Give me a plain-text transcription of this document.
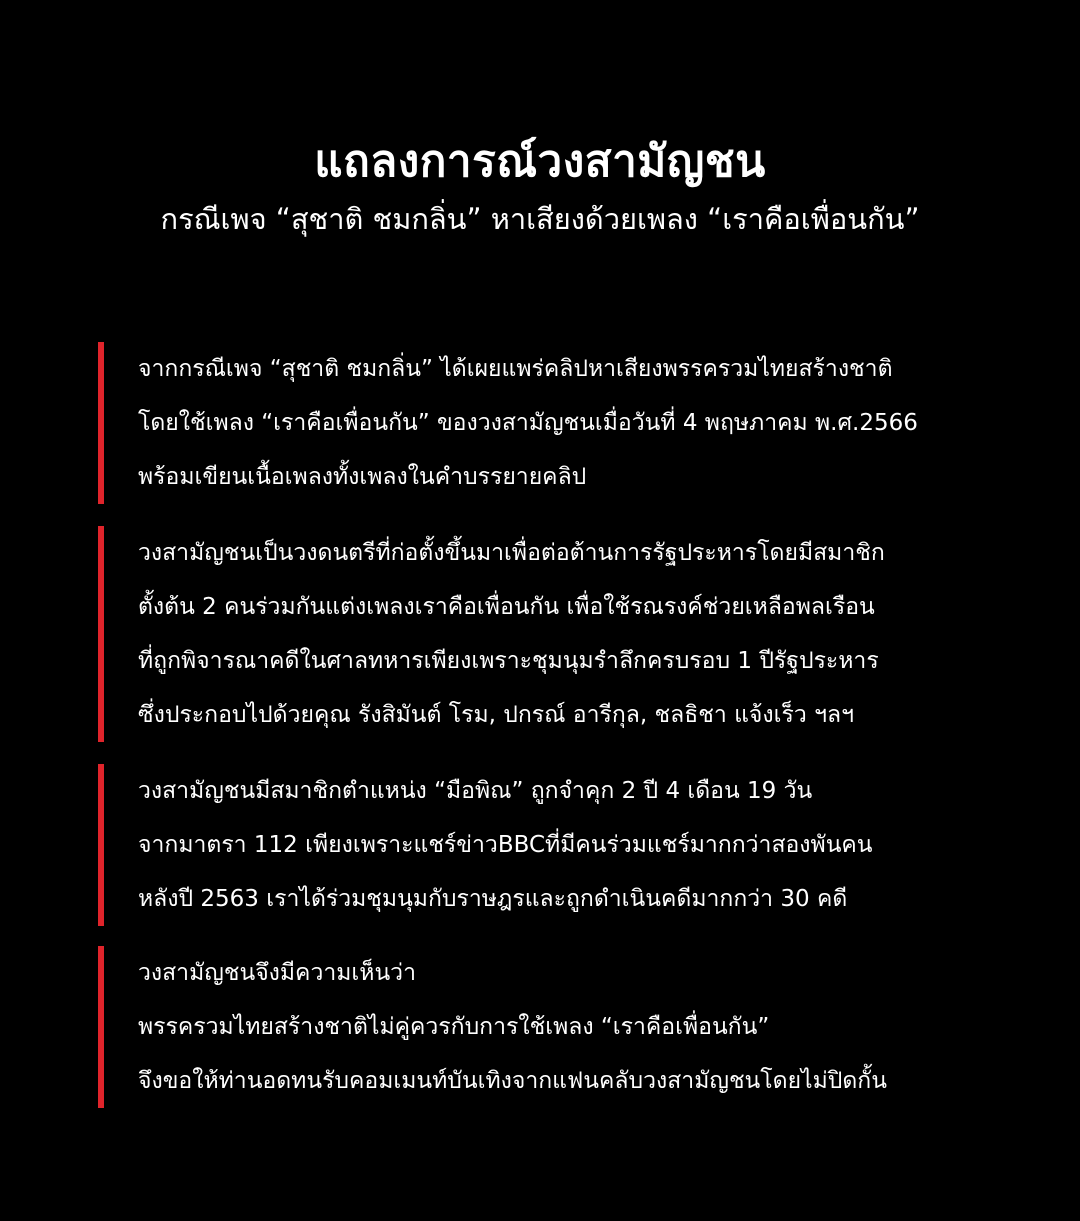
แถลงการณ์วงสามัญชน

กรณีเพจ “สุชาติ ชมกลิ่น” หาเสียงด้วยเพลง “เราคือเพื่อนกัน”

จากกรณีเพจ “สุชาติ ชมกลิ่น” ได้เผยแพร่คลิปหาเสียงพรรครวมไทยสร้างชาติ
โดยใช้เพลง “เราคือเพื่อนกัน” ของวงสามัญชนเมื่อวันที่ 4 พฤษภาคม พ.ศ.2566
พร้อมเขียนเนื้อเพลงทั้งเพลงในคำบรรยายคลิป
วงสามัญชนเป็นวงดนตรีที่ก่อตั้งขึ้นมาเพื่อต่อต้านการรัฐประหารโดยมีสมาชิก
ตั้งต้น 2 คนร่วมกันแต่งเพลงเราคือเพื่อนกัน เพื่อใช้รณรงค์ช่วยเหลือพลเรือน
ที่ถูกพิจารณาคดีในศาลทหารเพียงเพราะชุมนุมรำลึกครบรอบ 1 ปีรัฐประหาร
ซึ่งประกอบไปด้วยคุณ รังสิมันต์ โรม, ปกรณ์ อารีกุล, ชลธิชา แจ้งเร็ว ฯลฯ
วงสามัญชนมีสมาชิกตำแหน่ง “มือพิณ” ถูกจำคุก 2 ปี 4 เดือน 19 วัน
จากมาตรา 112 เพียงเพราะแชร์ข่าวBBCที่มีคนร่วมแชร์มากกว่าสองพันคน
หลังปี 2563 เราได้ร่วมชุมนุมกับราษฎรและถูกดำเนินคดีมากกว่า 30 คดี
วงสามัญชนจึงมีความเห็นว่า
พรรครวมไทยสร้างชาติไม่คู่ควรกับการใช้เพลง “เราคือเพื่อนกัน”
จึงขอให้ท่านอดทนรับคอมเมนท์บันเทิงจากแฟนคลับวงสามัญชนโดยไม่ปิดกั้น
